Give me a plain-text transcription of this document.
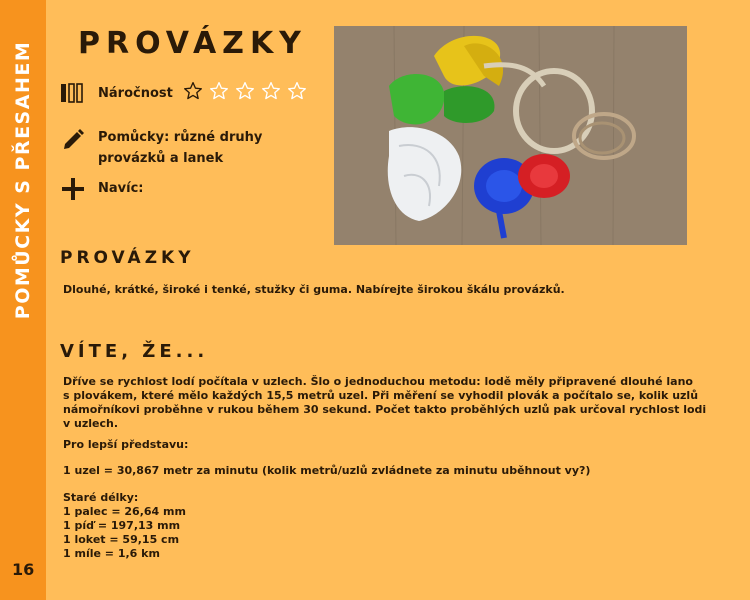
POMŮCKY S PŘESAHEM
16
PROVÁZKY
Náročnost
Pomůcky: různé druhy
provázků a lanek
Navíc:
PROVÁZKY

Dlouhé, krátké, široké i tenké, stužky či guma. Nabírejte širokou škálu provázků.

VÍTE, ŽE...
Dříve se rychlost lodí počítala v uzlech. Šlo o jednoduchou metodu: lodě měly připravené dlouhé lano
s plovákem, které mělo každých 15,5 metrů uzel. Při měření se vyhodil plovák a počítalo se, kolik uzlů
námořníkovi proběhne v rukou během 30 sekund. Počet takto proběhlých uzlů pak určoval rychlost lodi
v uzlech.

Pro lepší představu:

1 uzel = 30,867 metr za minutu (kolik metrů/uzlů zvládnete za minutu uběhnout vy?)

Staré délky:
1 palec = 26,64 mm
1 píď = 197,13 mm
1 loket = 59,15 cm
1 míle = 1,6 km
